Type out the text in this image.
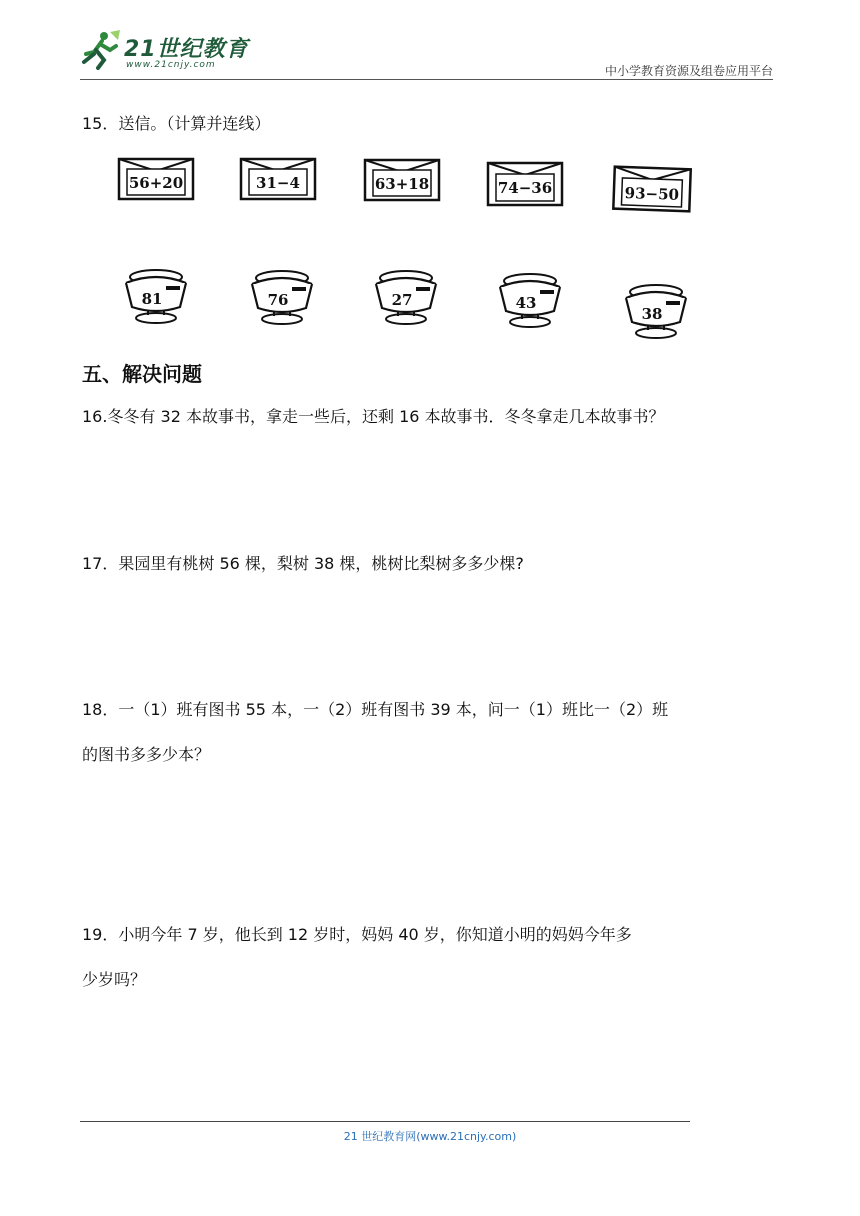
21世纪教育
www.21cnjy.com	中小学教育资源及组卷应用平台
15．送信。（计算并连线）
56+20	31−4	63+18	74−36	93−50
81	76	27	43
38
五、解决问题
16.冬冬有 32 本故事书，拿走一些后，还剩 16 本故事书．冬冬拿走几本故事书？
17．果园里有桃树 56 棵，梨树 38 棵，桃树比梨树多多少棵?
18．一（1）班有图书 55 本，一（2）班有图书 39 本，问一（1）班比一（2）班
的图书多多少本？
19．小明今年 7 岁，他长到 12 岁时，妈妈 40 岁，你知道小明的妈妈今年多
少岁吗？
21 世纪教育网(www.21cnjy.com)
